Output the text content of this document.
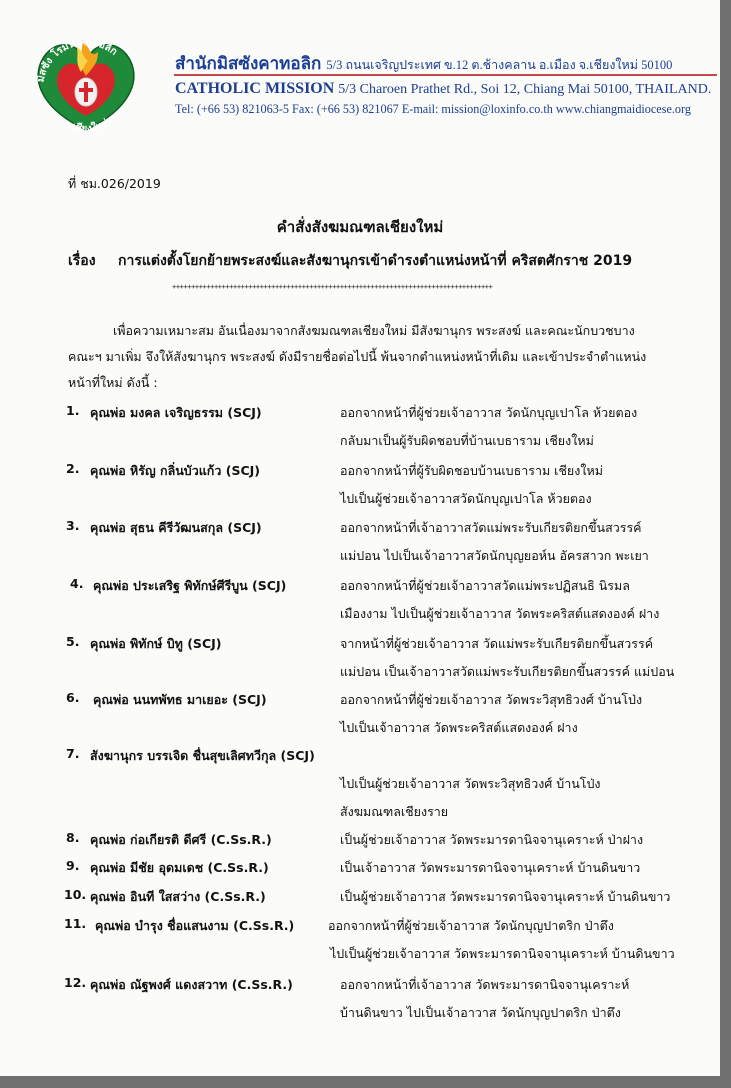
มิสซัง โรมัน คาทอลิก
เชียงใหม่
สำนักมิสซังคาทอลิก 5/3 ถนนเจริญประเทศ ข.12 ต.ช้างคลาน อ.เมือง จ.เชียงใหม่ 50100
CATHOLIC MISSION 5/3 Charoen Prathet Rd., Soi 12, Chiang Mai 50100, THAILAND.
Tel: (+66 53) 821063-5 Fax: (+66 53) 821067 E-mail: mission@loxinfo.co.th www.chiangmaidiocese.org
ที่ ชม.026/2019
คำสั่งสังฆมณฑลเชียงใหม่
เรื่อง การแต่งตั้งโยกย้ายพระสงฆ์และสังฆานุกรเข้าดำรงตำแหน่งหน้าที่ คริสตศักราช 2019
++++++++++++++++++++++++++++++++++++++++++++++++++++++++++++++++++++++++++++++++++++
เพื่อความเหมาะสม อันเนื่องมาจากสังฆมณฑลเชียงใหม่ มีสังฆานุกร พระสงฆ์ และคณะนักบวชบาง
คณะฯ มาเพิ่ม จึงให้สังฆานุกร พระสงฆ์ ดังมีรายชื่อต่อไปนี้ พ้นจากตำแหน่งหน้าที่เดิม และเข้าประจำตำแหน่ง
หน้าที่ใหม่ ดังนี้ :
1. คุณพ่อ มงคล เจริญธรรม (SCJ)	ออกจากหน้าที่ผู้ช่วยเจ้าอาวาส วัดนักบุญเปาโล ห้วยตอง
กลับมาเป็นผู้รับผิดชอบที่บ้านเบธาราม เชียงใหม่
2. คุณพ่อ หิรัญ กลิ่นบัวแก้ว (SCJ)	ออกจากหน้าที่ผู้รับผิดชอบบ้านเบธาราม เชียงใหม่
ไปเป็นผู้ช่วยเจ้าอาวาสวัดนักบุญเปาโล ห้วยตอง
3. คุณพ่อ สุธน คีรีวัฒนสกุล (SCJ)	ออกจากหน้าที่เจ้าอาวาสวัดแม่พระรับเกียรติยกขึ้นสวรรค์
แม่ปอน ไปเป็นเจ้าอาวาสวัดนักบุญยอห์น อัครสาวก พะเยา
4. คุณพ่อ ประเสริฐ พิทักษ์ศีรีบูน (SCJ)	ออกจากหน้าที่ผู้ช่วยเจ้าอาวาสวัดแม่พระปฏิสนธิ นิรมล
เมืองงาม ไปเป็นผู้ช่วยเจ้าอาวาส วัดพระคริสต์แสดงองค์ ฝาง
5. คุณพ่อ พิทักษ์ บิทู (SCJ)	จากหน้าที่ผู้ช่วยเจ้าอาวาส วัดแม่พระรับเกียรติยกขึ้นสวรรค์
แม่ปอน เป็นเจ้าอาวาสวัดแม่พระรับเกียรติยกขึ้นสวรรค์ แม่ปอน
6. คุณพ่อ นนทพัทธ มาเยอะ (SCJ)	ออกจากหน้าที่ผู้ช่วยเจ้าอาวาส วัดพระวิสุทธิวงศ์ บ้านโป่ง
ไปเป็นเจ้าอาวาส วัดพระคริสต์แสดงองค์ ฝาง
7. สังฆานุกร บรรเจิด ชื่นสุขเลิศทวีกุล (SCJ)
ไปเป็นผู้ช่วยเจ้าอาวาส วัดพระวิสุทธิวงศ์ บ้านโป่ง
สังฆมณฑลเชียงราย
8. คุณพ่อ ก่อเกียรติ ดีศรี (C.Ss.R.)	เป็นผู้ช่วยเจ้าอาวาส วัดพระมารดานิจจานุเคราะห์ ป่าฝาง
9. คุณพ่อ มีชัย อุดมเดช (C.Ss.R.)	เป็นเจ้าอาวาส วัดพระมารดานิจจานุเคราะห์ บ้านดินขาว
10. คุณพ่อ อินที ใสสว่าง (C.Ss.R.)	เป็นผู้ช่วยเจ้าอาวาส วัดพระมารดานิจจานุเคราะห์ บ้านดินขาว
11. คุณพ่อ บำรุง ชื่อแสนงาม (C.Ss.R.)	ออกจากหน้าที่ผู้ช่วยเจ้าอาวาส วัดนักบุญปาตริก ป่าตึง
ไปเป็นผู้ช่วยเจ้าอาวาส วัดพระมารดานิจจานุเคราะห์ บ้านดินขาว
12. คุณพ่อ ณัฐพงศ์ แดงสวาท (C.Ss.R.)	ออกจากหน้าที่เจ้าอาวาส วัดพระมารดานิจจานุเคราะห์
บ้านดินขาว ไปเป็นเจ้าอาวาส วัดนักบุญปาตริก ป่าตึง
